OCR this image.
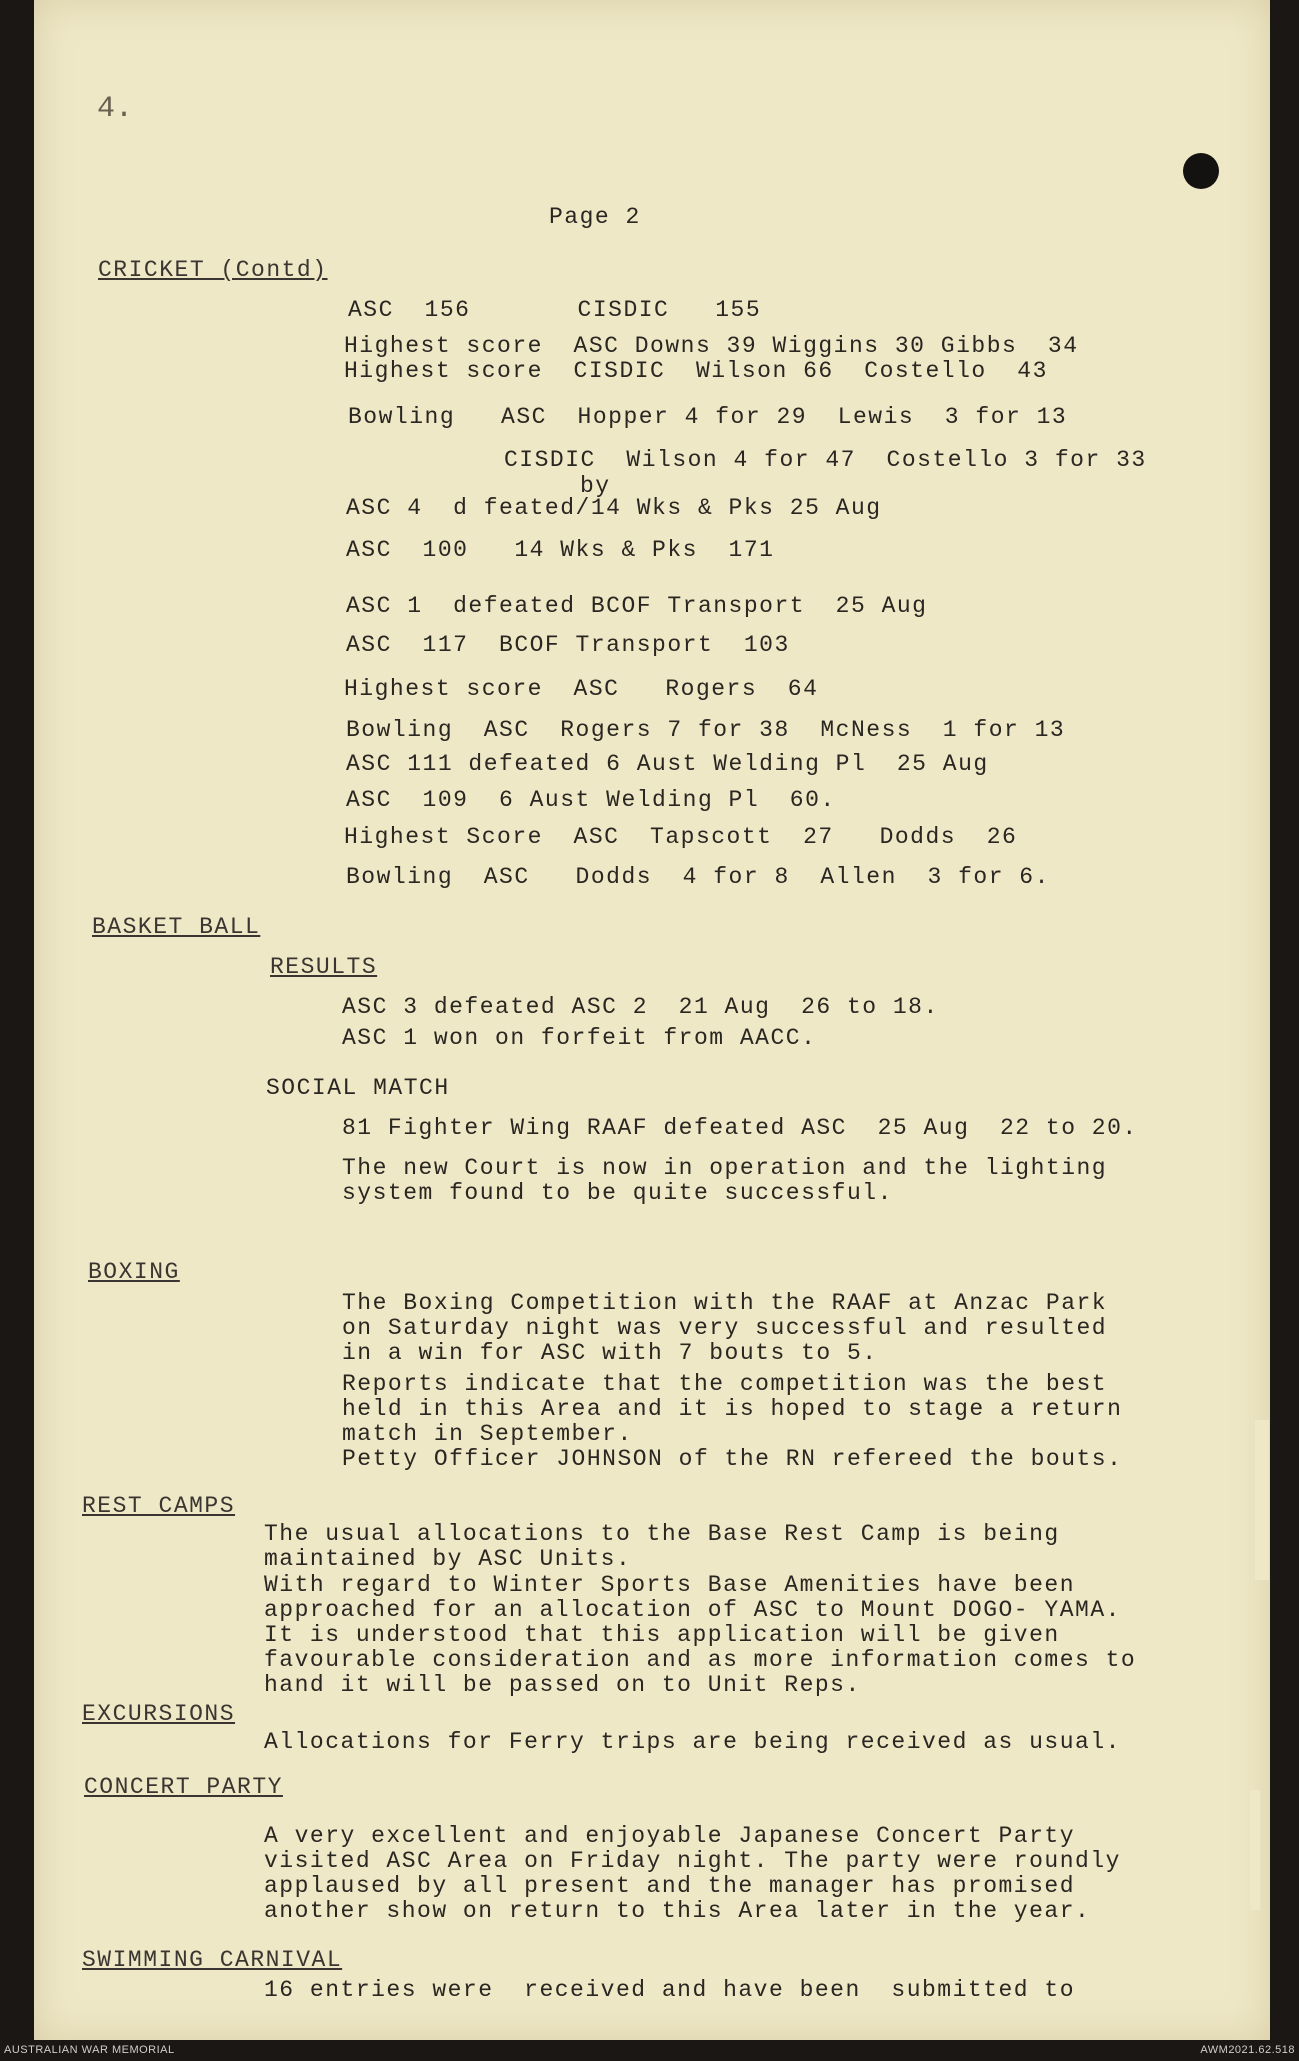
4.
Page 2
CRICKET (Contd)
ASC  156       CISDIC   155
Highest score  ASC Downs 39 Wiggins 30 Gibbs  34
Highest score  CISDIC  Wilson 66  Costello  43
Bowling   ASC  Hopper 4 for 29  Lewis  3 for 13
CISDIC  Wilson 4 for 47  Costello 3 for 33
by
ASC 4  d feated/14 Wks & Pks 25 Aug
ASC  100   14 Wks & Pks  171
ASC 1  defeated BCOF Transport  25 Aug
ASC  117  BCOF Transport  103
Highest score  ASC   Rogers  64
Bowling  ASC  Rogers 7 for 38  McNess  1 for 13
ASC 111 defeated 6 Aust Welding Pl  25 Aug
ASC  109  6 Aust Welding Pl  60.
Highest Score  ASC  Tapscott  27   Dodds  26
Bowling  ASC   Dodds  4 for 8  Allen  3 for 6.
BASKET BALL
RESULTS
ASC 3 defeated ASC 2  21 Aug  26 to 18.
ASC 1 won on forfeit from AACC.
SOCIAL MATCH
81 Fighter Wing RAAF defeated ASC  25 Aug  22 to 20.
The new Court is now in operation and the lighting
system found to be quite successful.
BOXING
The Boxing Competition with the RAAF at Anzac Park
on Saturday night was very successful and resulted
in a win for ASC with 7 bouts to 5.
Reports indicate that the competition was the best
held in this Area and it is hoped to stage a return
match in September.
Petty Officer JOHNSON of the RN refereed the bouts.
REST CAMPS
The usual allocations to the Base Rest Camp is being
maintained by ASC Units.
With regard to Winter Sports Base Amenities have been
approached for an allocation of ASC to Mount DOGO- YAMA.
It is understood that this application will be given
favourable consideration and as more information comes to
hand it will be passed on to Unit Reps.
EXCURSIONS
Allocations for Ferry trips are being received as usual.
CONCERT PARTY
A very excellent and enjoyable Japanese Concert Party
visited ASC Area on Friday night. The party were roundly
applaused by all present and the manager has promised
another show on return to this Area later in the year.
SWIMMING CARNIVAL
16 entries were  received and have been  submitted to
AUSTRALIAN WAR MEMORIAL	AWM2021.62.518
